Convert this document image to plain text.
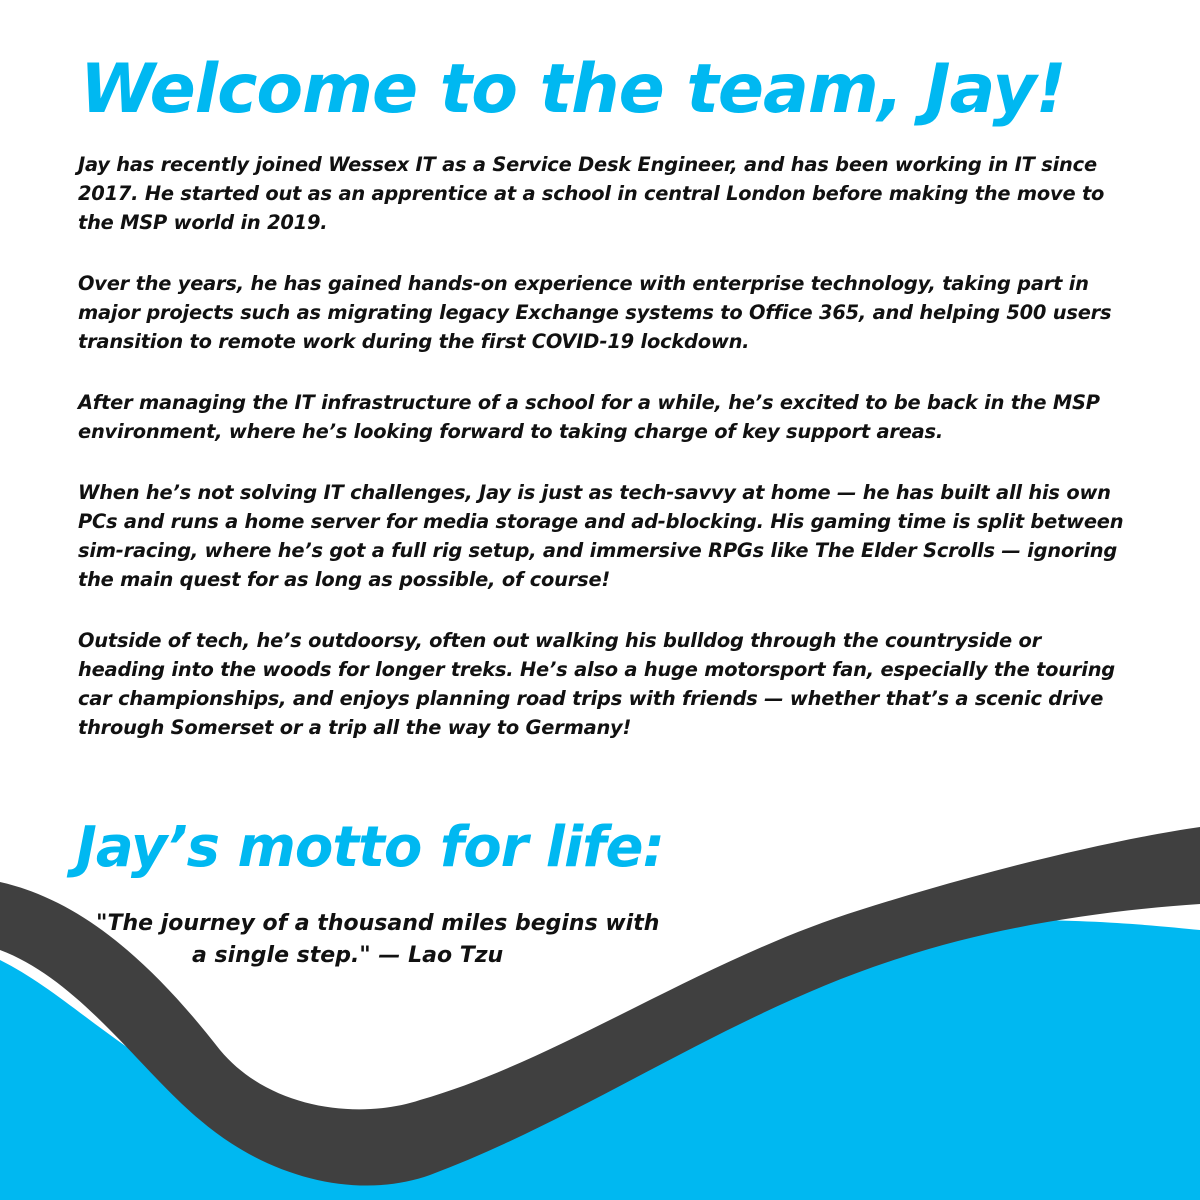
Welcome to the team, Jay!

Jay has recently joined Wessex IT as a Service Desk Engineer, and has been working in IT since 2017. He started out as an apprentice at a school in central London before making the move to the MSP world in 2019.

Over the years, he has gained hands-on experience with enterprise technology, taking part in major projects such as migrating legacy Exchange systems to Office 365, and helping 500 users transition to remote work during the first COVID-19 lockdown.

After managing the IT infrastructure of a school for a while, he’s excited to be back in the MSP environment, where he’s looking forward to taking charge of key support areas.

When he’s not solving IT challenges, Jay is just as tech-savvy at home — he has built all his own PCs and runs a home server for media storage and ad-blocking. His gaming time is split between sim-racing, where he’s got a full rig setup, and immersive RPGs like The Elder Scrolls — ignoring the main quest for as long as possible, of course!

Outside of tech, he’s outdoorsy, often out walking his bulldog through the countryside or heading into the woods for longer treks. He’s also a huge motorsport fan, especially the touring car championships, and enjoys planning road trips with friends — whether that’s a scenic drive through Somerset or a trip all the way to Germany!

Jay’s motto for life:
"The journey of a thousand miles begins with
a single step." — Lao Tzu
